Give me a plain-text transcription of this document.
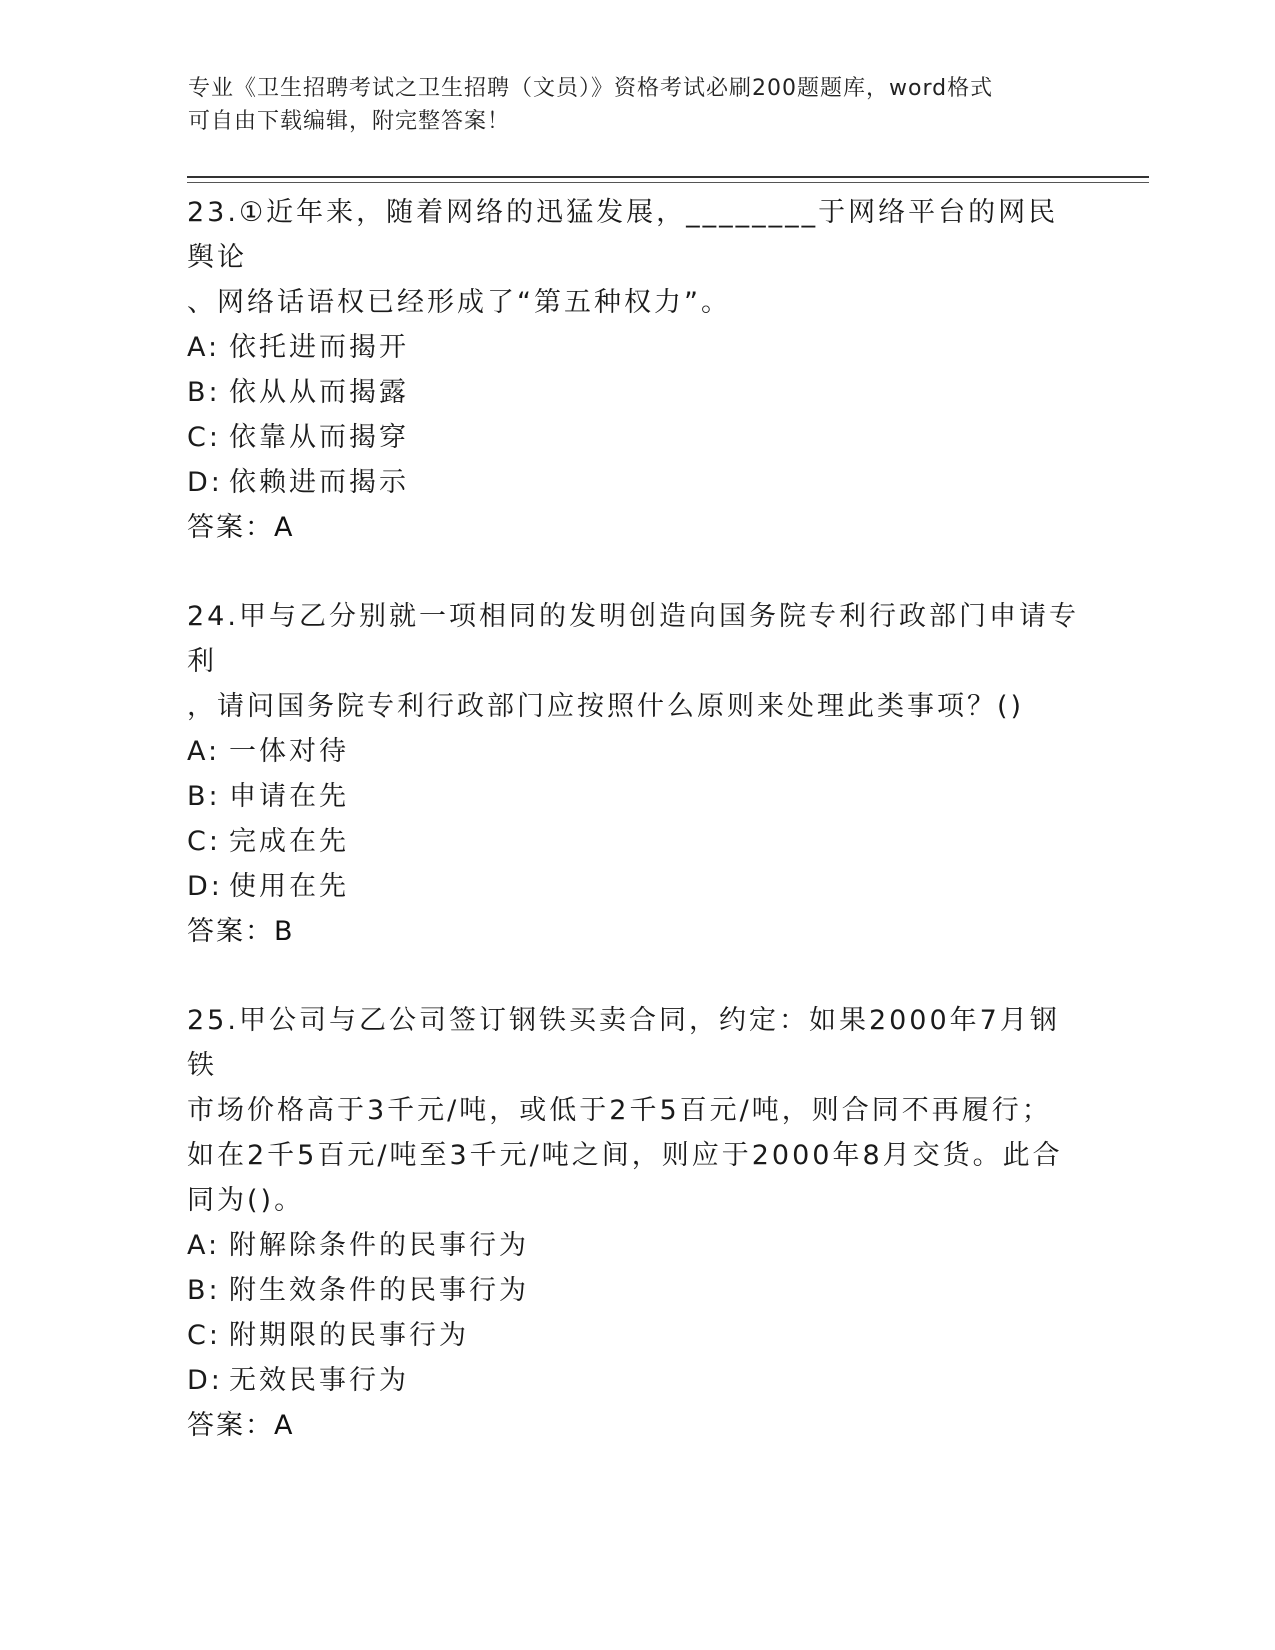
专业《卫生招聘考试之卫生招聘（文员）》资格考试必刷200题题库，word格式
可自由下载编辑，附完整答案！
23.①近年来，随着网络的迅猛发展，________于网络平台的网民舆论
、网络话语权已经形成了“第五种权力”。
A: 依托进而揭开
B: 依从从而揭露
C: 依靠从而揭穿
D: 依赖进而揭示
答案：A
24.甲与乙分别就一项相同的发明创造向国务院专利行政部门申请专利
，请问国务院专利行政部门应按照什么原则来处理此类事项？()
A: 一体对待
B: 申请在先
C: 完成在先
D: 使用在先
答案：B
25.甲公司与乙公司签订钢铁买卖合同，约定：如果2000年7月钢铁
市场价格高于3千元/吨，或低于2千5百元/吨，则合同不再履行；
如在2千5百元/吨至3千元/吨之间，则应于2000年8月交货。此合
同为()。
A: 附解除条件的民事行为
B: 附生效条件的民事行为
C: 附期限的民事行为
D: 无效民事行为
答案：A
